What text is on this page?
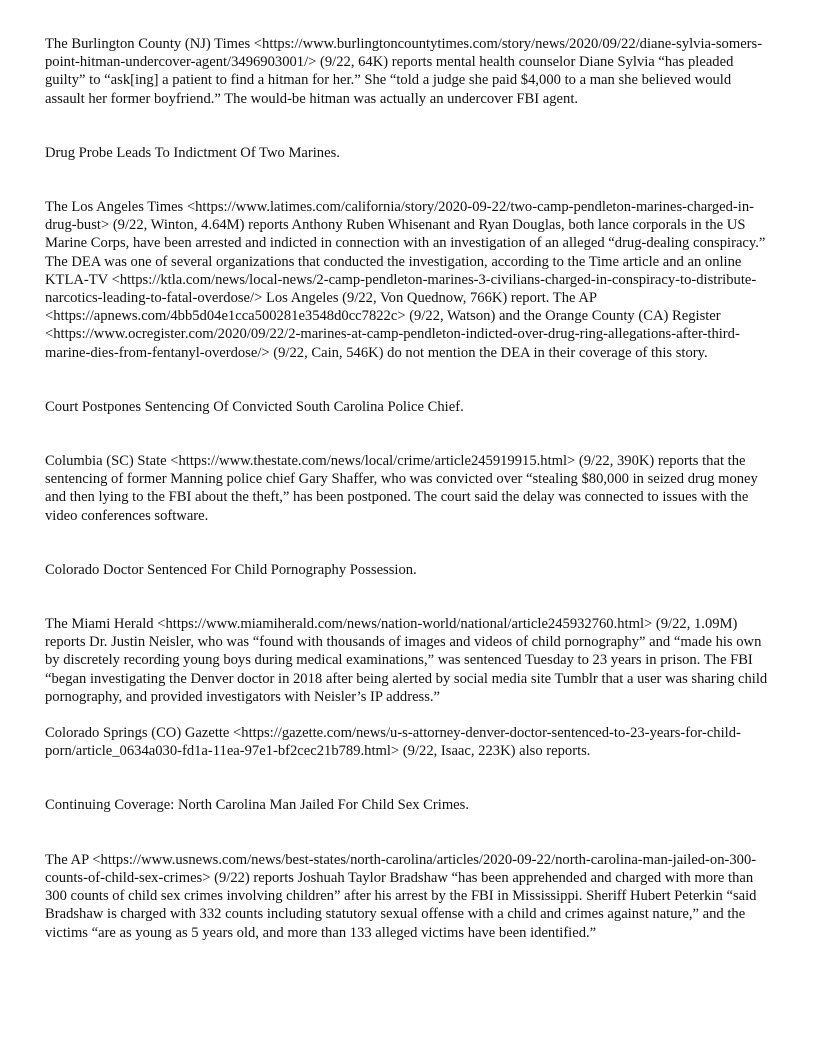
The Burlington County (NJ) Times <https://www.burlingtoncountytimes.com/story/news/2020/09/22/diane-sylvia-somers-point-hitman-undercover-agent/3496903001/> (9/22, 64K) reports mental health counselor Diane Sylvia “has pleaded guilty” to “ask[ing] a patient to find a hitman for her.” She “told a judge she paid $4,000 to a man she believed would assault her former boyfriend.” The would-be hitman was actually an undercover FBI agent.

Drug Probe Leads To Indictment Of Two Marines.

The Los Angeles Times <https://www.latimes.com/california/story/2020-09-22/two-camp-pendleton-marines-charged-in-drug-bust> (9/22, Winton, 4.64M) reports Anthony Ruben Whisenant and Ryan Douglas, both lance corporals in the US Marine Corps, have been arrested and indicted in connection with an investigation of an alleged “drug-dealing conspiracy.” The DEA was one of several organizations that conducted the investigation, according to the Time article and an online KTLA-TV <https://ktla.com/news/local-news/2-camp-pendleton-marines-3-civilians-charged-in-conspiracy-to-distribute-narcotics-leading-to-fatal-overdose/> Los Angeles (9/22, Von Quednow, 766K) report. The AP <https://apnews.com/4bb5d04e1cca500281e3548d0cc7822c> (9/22, Watson) and the Orange County (CA) Register <https://www.ocregister.com/2020/09/22/2-marines-at-camp-pendleton-indicted-over-drug-ring-allegations-after-third-marine-dies-from-fentanyl-overdose/> (9/22, Cain, 546K) do not mention the DEA in their coverage of this story.

Court Postpones Sentencing Of Convicted South Carolina Police Chief.

Columbia (SC) State <https://www.thestate.com/news/local/crime/article245919915.html> (9/22, 390K) reports that the sentencing of former Manning police chief Gary Shaffer, who was convicted over “stealing $80,000 in seized drug money and then lying to the FBI about the theft,” has been postponed. The court said the delay was connected to issues with the video conferences software.

Colorado Doctor Sentenced For Child Pornography Possession.

The Miami Herald <https://www.miamiherald.com/news/nation-world/national/article245932760.html> (9/22, 1.09M) reports Dr. Justin Neisler, who was “found with thousands of images and videos of child pornography” and “made his own by discretely recording young boys during medical examinations,” was sentenced Tuesday to 23 years in prison. The FBI “began investigating the Denver doctor in 2018 after being alerted by social media site Tumblr that a user was sharing child pornography, and provided investigators with Neisler’s IP address.”

Colorado Springs (CO) Gazette <https://gazette.com/news/u-s-attorney-denver-doctor-sentenced-to-23-years-for-child-porn/article_0634a030-fd1a-11ea-97e1-bf2cec21b789.html> (9/22, Isaac, 223K) also reports.

Continuing Coverage: North Carolina Man Jailed For Child Sex Crimes.

The AP <https://www.usnews.com/news/best-states/north-carolina/articles/2020-09-22/north-carolina-man-jailed-on-300-counts-of-child-sex-crimes> (9/22) reports Joshuah Taylor Bradshaw “has been apprehended and charged with more than 300 counts of child sex crimes involving children” after his arrest by the FBI in Mississippi. Sheriff Hubert Peterkin “said Bradshaw is charged with 332 counts including statutory sexual offense with a child and crimes against nature,” and the victims “are as young as 5 years old, and more than 133 alleged victims have been identified.”
